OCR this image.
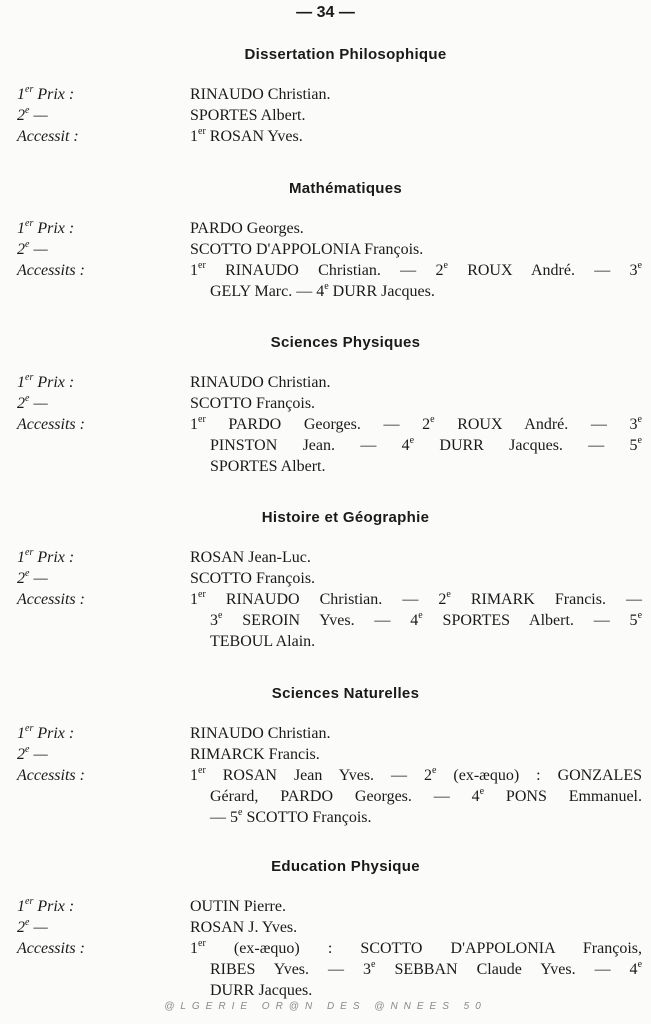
— 34 —
Dissertation Philosophique
1er Prix :	RINAUDO Christian.
2e —	SPORTES Albert.
Accessit :	1er ROSAN Yves.
Mathématiques
1er Prix :	PARDO Georges.
2e —	SCOTTO D'APPOLONIA François.
Accessits :	1er RINAUDO Christian. — 2e ROUX André. — 3e
GELY Marc. — 4e DURR Jacques.
Sciences Physiques
1er Prix :	RINAUDO Christian.
2e —	SCOTTO François.
Accessits :	1er PARDO Georges. — 2e ROUX André. — 3e
PINSTON Jean. — 4e DURR Jacques. — 5e
SPORTES Albert.
Histoire et Géographie
1er Prix :	ROSAN Jean-Luc.
2e —	SCOTTO François.
Accessits :	1er RINAUDO Christian. — 2e RIMARK Francis. —
3e SEROIN Yves. — 4e SPORTES Albert. — 5e
TEBOUL Alain.
Sciences Naturelles
1er Prix :	RINAUDO Christian.
2e —	RIMARCK Francis.
Accessits :	1er ROSAN Jean Yves. — 2e (ex-æquo) : GONZALES
Gérard, PARDO Georges. — 4e PONS Emmanuel.
— 5e SCOTTO François.
Education Physique
1er Prix :	OUTIN Pierre.
2e —	ROSAN J. Yves.
Accessits :	1er (ex-æquo) : SCOTTO D'APPOLONIA François,
RIBES Yves. — 3e SEBBAN Claude Yves. — 4e
DURR Jacques.
@LGERIE OR@N DES @NNEES 50
